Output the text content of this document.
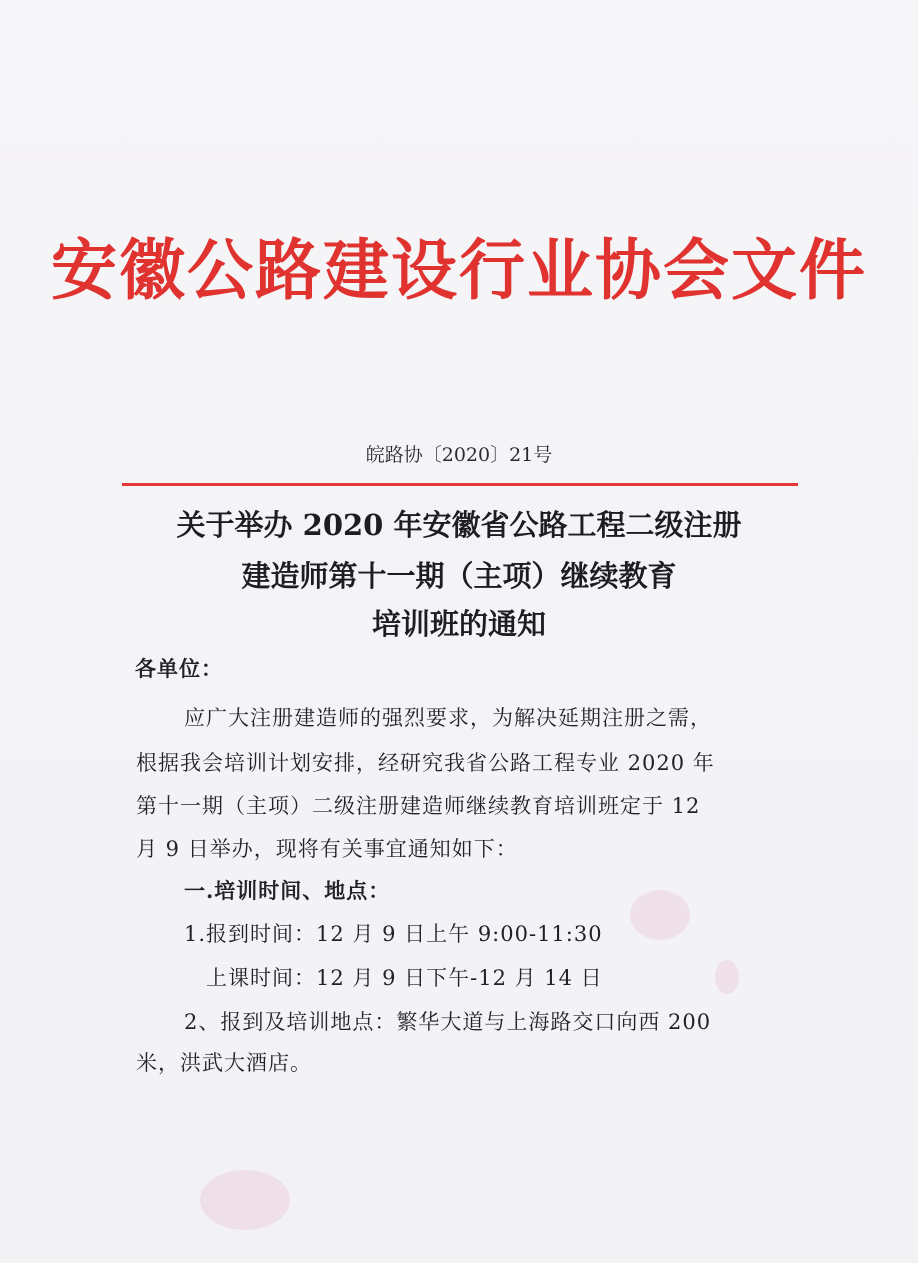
安徽公路建设行业协会文件
皖路协〔2020〕21号
关于举办 2020 年安徽省公路工程二级注册
建造师第十一期（主项）继续教育
培训班的通知
各单位：
应广大注册建造师的强烈要求，为解决延期注册之需，
根据我会培训计划安排，经研究我省公路工程专业 2020 年
第十一期（主项）二级注册建造师继续教育培训班定于 12
月 9 日举办，现将有关事宜通知如下：
一.培训时间、地点：
1.报到时间：12 月 9 日上午 9:00-11:30
上课时间：12 月 9 日下午-12 月 14 日
2、报到及培训地点：繁华大道与上海路交口向西 200
米，洪武大酒店。
